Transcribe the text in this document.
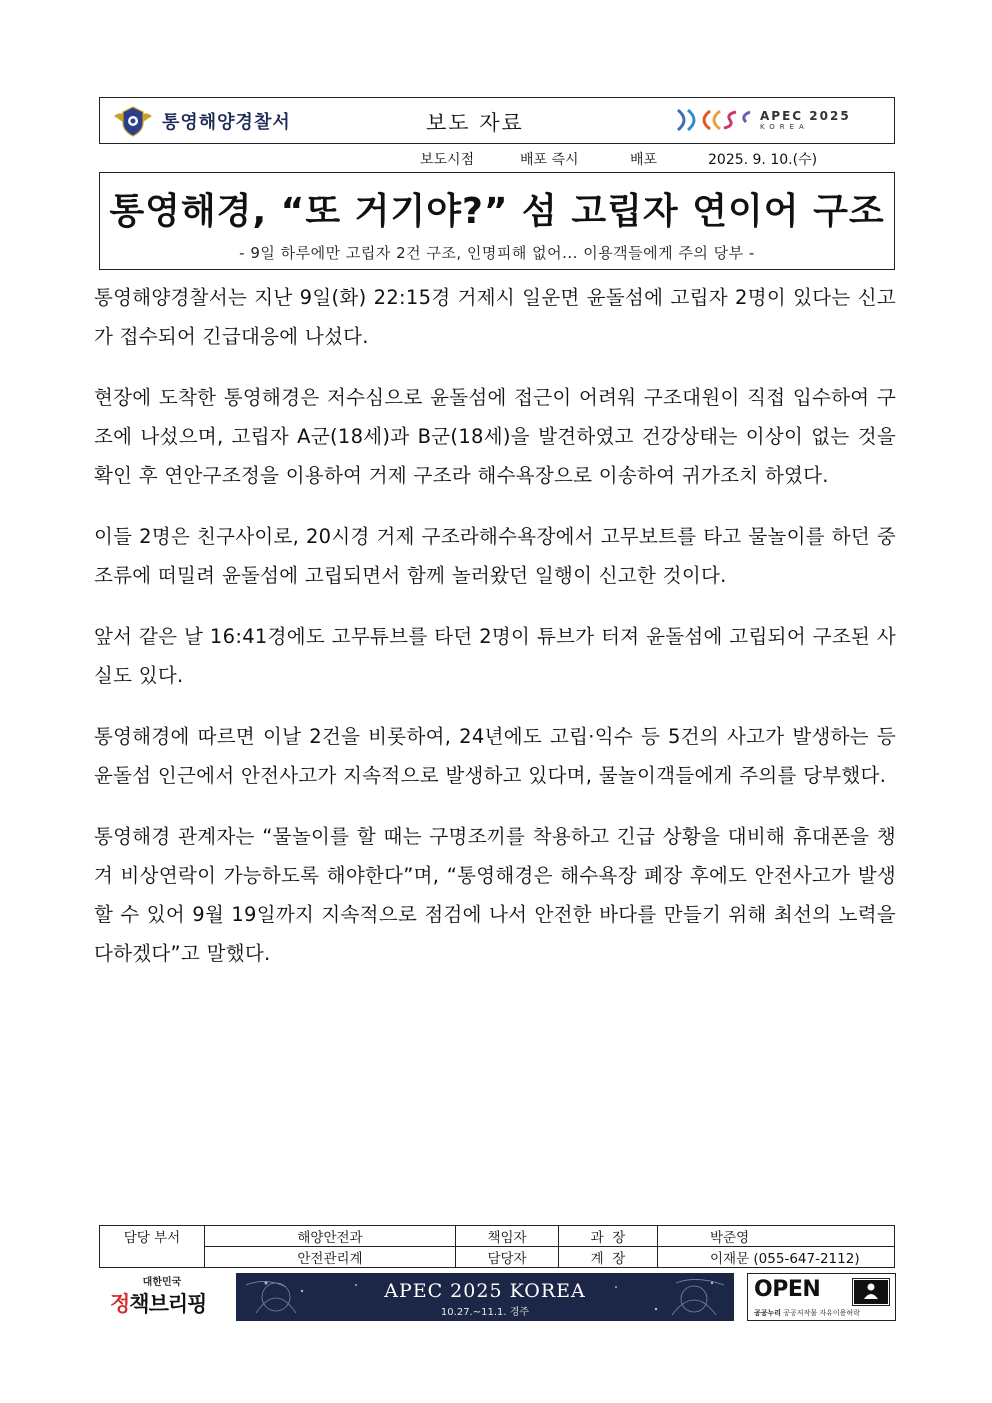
통영해양경찰서	보도 자료	APEC 2025
KOREA
보도시점	배포 즉시	배포	2025. 9. 10.(수)
통영해경, “또 거기야?” 섬 고립자 연이어 구조
- 9일 하루에만 고립자 2건 구조, 인명피해 없어... 이용객들에게 주의 당부 -

통영해양경찰서는 지난 9일(화) 22:15경 거제시 일운면 윤돌섬에 고립자 2명이 있다는 신고가 접수되어 긴급대응에 나섰다.

현장에 도착한 통영해경은 저수심으로 윤돌섬에 접근이 어려워 구조대원이 직접 입수하여 구조에 나섰으며, 고립자 A군(18세)과 B군(18세)을 발견하였고 건강상태는 이상이 없는 것을 확인 후 연안구조정을 이용하여 거제 구조라 해수욕장으로 이송하여 귀가조치 하였다.

이들 2명은 친구사이로, 20시경 거제 구조라해수욕장에서 고무보트를 타고 물놀이를 하던 중 조류에 떠밀려 윤돌섬에 고립되면서 함께 놀러왔던 일행이 신고한 것이다.

앞서 같은 날 16:41경에도 고무튜브를 타던 2명이 튜브가 터져 윤돌섬에 고립되어 구조된 사실도 있다.

통영해경에 따르면 이날 2건을 비롯하여, 24년에도 고립·익수 등 5건의 사고가 발생하는 등 윤돌섬 인근에서 안전사고가 지속적으로 발생하고 있다며, 물놀이객들에게 주의를 당부했다.

통영해경 관계자는 “물놀이를 할 때는 구명조끼를 착용하고 긴급 상황을 대비해 휴대폰을 챙겨 비상연락이 가능하도록 해야한다”며, “통영해경은 해수욕장 폐장 후에도 안전사고가 발생할 수 있어 9월 19일까지 지속적으로 점검에 나서 안전한 바다를 만들기 위해 최선의 노력을 다하겠다”고 말했다.

담당 부서	해양안전과	책임자	과  장	박준영
	안전관리계	담당자	계  장	이재문 (055-647-2112)
대한민국
정책브리핑
APEC 2025 KOREA
10.27.~11.1. 경주
OPEN
공공누리 공공저작물 자유이용허락
